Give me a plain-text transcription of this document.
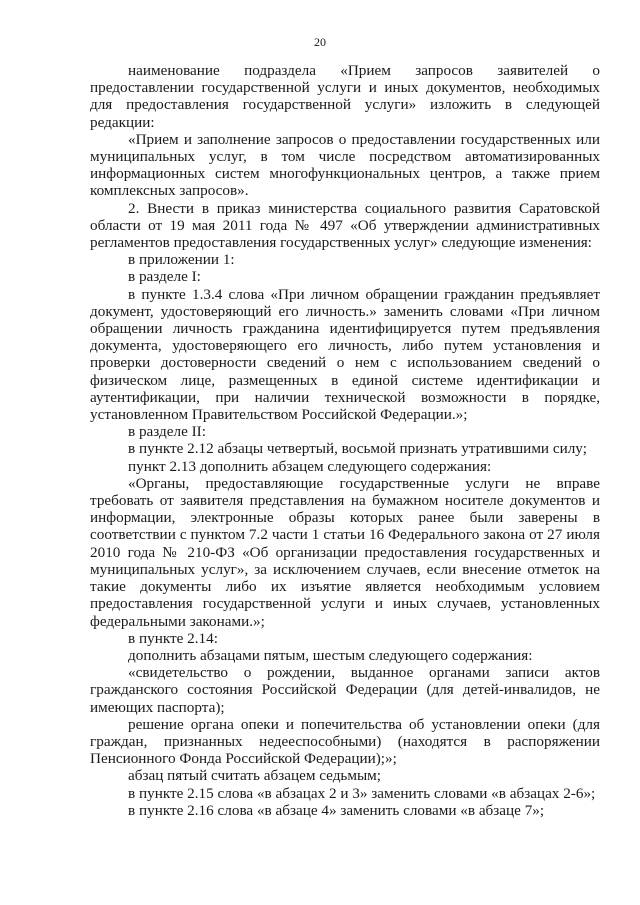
20

наименование подраздела «Прием запросов заявителей о предоставлении государственной услуги и иных документов, необходимых для предоставления государственной услуги» изложить в следующей редакции:

«Прием и заполнение запросов о предоставлении государственных или муниципальных услуг, в том числе посредством автоматизированных информационных систем многофункциональных центров, а также прием комплексных запросов».

2. Внести в приказ министерства социального развития Саратовской области от 19 мая 2011 года № 497 «Об утверждении административных регламентов предоставления государственных услуг» следующие изменения:

в приложении 1:

в разделе I:

в пункте 1.3.4 слова «При личном обращении гражданин предъявляет документ, удостоверяющий его личность.» заменить словами «При личном обращении личность гражданина идентифицируется путем предъявления документа, удостоверяющего его личность, либо путем установления и проверки достоверности сведений о нем с использованием сведений о физическом лице, размещенных в единой системе идентификации и аутентификации, при наличии технической возможности в порядке, установленном Правительством Российской Федерации.»;

в разделе II:

в пункте 2.12 абзацы четвертый, восьмой признать утратившими силу;

пункт 2.13 дополнить абзацем следующего содержания:

«Органы, предоставляющие государственные услуги не вправе требовать от заявителя представления на бумажном носителе документов и информации, электронные образы которых ранее были заверены в соответствии с пунктом 7.2 части 1 статьи 16 Федерального закона от 27 июля 2010 года № 210-ФЗ «Об организации предоставления государственных и муниципальных услуг», за исключением случаев, если внесение отметок на такие документы либо их изъятие является необходимым условием предоставления государственной услуги и иных случаев, установленных федеральными законами.»;

в пункте 2.14:

дополнить абзацами пятым, шестым следующего содержания:

«свидетельство о рождении, выданное органами записи актов гражданского состояния Российской Федерации (для детей-инвалидов, не имеющих паспорта);

решение органа опеки и попечительства об установлении опеки (для граждан, признанных недееспособными) (находятся в распоряжении Пенсионного Фонда Российской Федерации);»;

абзац пятый считать абзацем седьмым;

в пункте 2.15 слова «в абзацах 2 и 3» заменить словами «в абзацах 2-6»;

в пункте 2.16 слова «в абзаце 4» заменить словами «в абзаце 7»;
